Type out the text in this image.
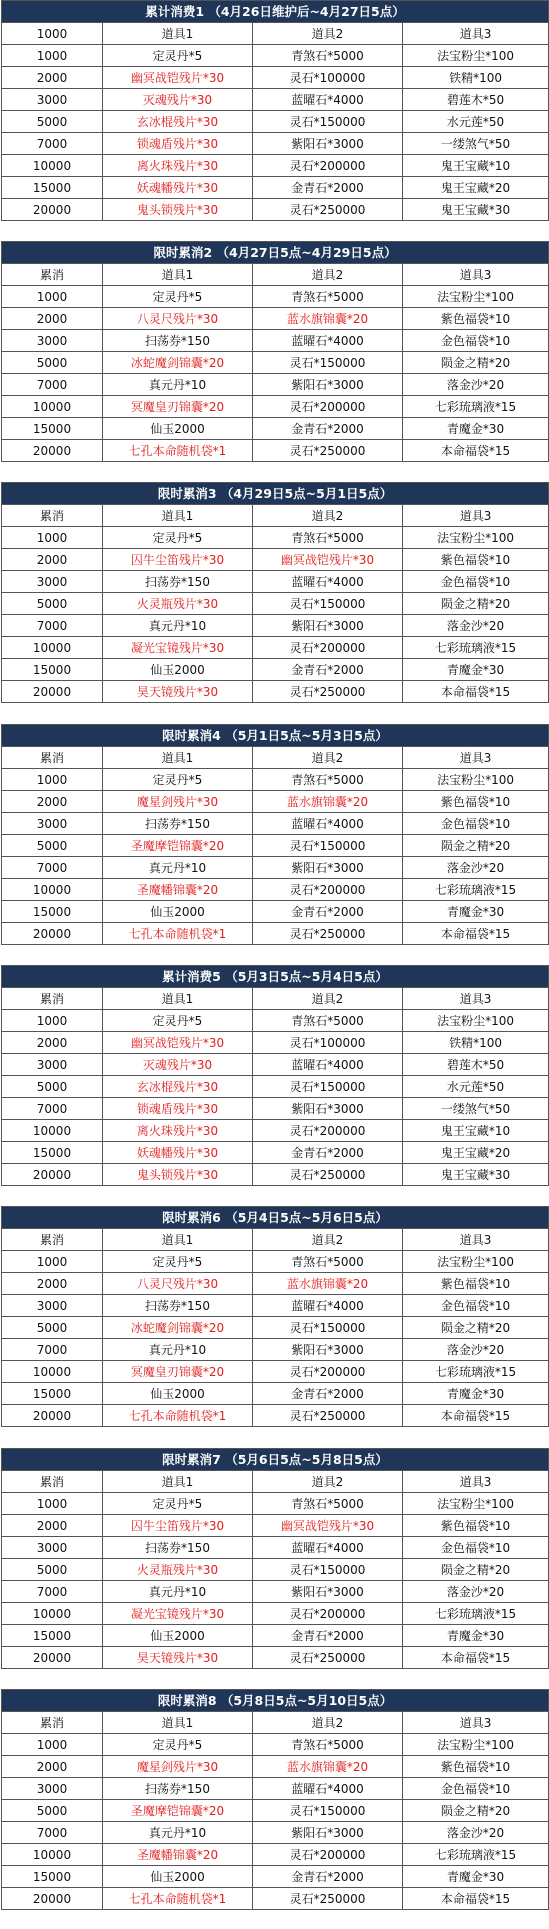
累计消费1 （4月26日维护后~4月27日5点）			
1000	道具1	道具2	道具3
1000	定灵丹*5	青煞石*5000	法宝粉尘*100
2000	幽冥战铠残片*30	灵石*100000	铁精*100
3000	灭魂残片*30	蓝曜石*4000	碧莲木*50
5000	玄冰棍残片*30	灵石*150000	水元莲*50
7000	锁魂盾残片*30	紫阳石*3000	一缕煞气*50
10000	离火珠残片*30	灵石*200000	鬼王宝藏*10
15000	妖魂幡残片*30	金青石*2000	鬼王宝藏*20
20000	鬼头锁残片*30	灵石*250000	鬼王宝藏*30
限时累消2 （4月27日5点~4月29日5点）			
累消	道具1	道具2	道具3
1000	定灵丹*5	青煞石*5000	法宝粉尘*100
2000	八灵尺残片*30	蓝水旗锦囊*20	紫色福袋*10
3000	扫荡券*150	蓝曜石*4000	金色福袋*10
5000	冰蛇魔剑锦囊*20	灵石*150000	陨金之精*20
7000	真元丹*10	紫阳石*3000	落金沙*20
10000	冥魔皇刃锦囊*20	灵石*200000	七彩琉璃液*15
15000	仙玉2000	金青石*2000	青魔金*30
20000	七孔本命随机袋*1	灵石*250000	本命福袋*15
限时累消3 （4月29日5点~5月1日5点）			
累消	道具1	道具2	道具3
1000	定灵丹*5	青煞石*5000	法宝粉尘*100
2000	囚牛尘笛残片*30	幽冥战铠残片*30	紫色福袋*10
3000	扫荡券*150	蓝曜石*4000	金色福袋*10
5000	火灵瓶残片*30	灵石*150000	陨金之精*20
7000	真元丹*10	紫阳石*3000	落金沙*20
10000	凝光宝镜残片*30	灵石*200000	七彩琉璃液*15
15000	仙玉2000	金青石*2000	青魔金*30
20000	昊天镜残片*30	灵石*250000	本命福袋*15
限时累消4 （5月1日5点~5月3日5点）			
累消	道具1	道具2	道具3
1000	定灵丹*5	青煞石*5000	法宝粉尘*100
2000	魔星剑残片*30	蓝水旗锦囊*20	紫色福袋*10
3000	扫荡券*150	蓝曜石*4000	金色福袋*10
5000	圣魔摩铠锦囊*20	灵石*150000	陨金之精*20
7000	真元丹*10	紫阳石*3000	落金沙*20
10000	圣魔幡锦囊*20	灵石*200000	七彩琉璃液*15
15000	仙玉2000	金青石*2000	青魔金*30
20000	七孔本命随机袋*1	灵石*250000	本命福袋*15
累计消费5 （5月3日5点~5月4日5点）			
累消	道具1	道具2	道具3
1000	定灵丹*5	青煞石*5000	法宝粉尘*100
2000	幽冥战铠残片*30	灵石*100000	铁精*100
3000	灭魂残片*30	蓝曜石*4000	碧莲木*50
5000	玄冰棍残片*30	灵石*150000	水元莲*50
7000	锁魂盾残片*30	紫阳石*3000	一缕煞气*50
10000	离火珠残片*30	灵石*200000	鬼王宝藏*10
15000	妖魂幡残片*30	金青石*2000	鬼王宝藏*20
20000	鬼头锁残片*30	灵石*250000	鬼王宝藏*30
限时累消6 （5月4日5点~5月6日5点）			
累消	道具1	道具2	道具3
1000	定灵丹*5	青煞石*5000	法宝粉尘*100
2000	八灵尺残片*30	蓝水旗锦囊*20	紫色福袋*10
3000	扫荡券*150	蓝曜石*4000	金色福袋*10
5000	冰蛇魔剑锦囊*20	灵石*150000	陨金之精*20
7000	真元丹*10	紫阳石*3000	落金沙*20
10000	冥魔皇刃锦囊*20	灵石*200000	七彩琉璃液*15
15000	仙玉2000	金青石*2000	青魔金*30
20000	七孔本命随机袋*1	灵石*250000	本命福袋*15
限时累消7 （5月6日5点~5月8日5点）			
累消	道具1	道具2	道具3
1000	定灵丹*5	青煞石*5000	法宝粉尘*100
2000	囚牛尘笛残片*30	幽冥战铠残片*30	紫色福袋*10
3000	扫荡券*150	蓝曜石*4000	金色福袋*10
5000	火灵瓶残片*30	灵石*150000	陨金之精*20
7000	真元丹*10	紫阳石*3000	落金沙*20
10000	凝光宝镜残片*30	灵石*200000	七彩琉璃液*15
15000	仙玉2000	金青石*2000	青魔金*30
20000	昊天镜残片*30	灵石*250000	本命福袋*15
限时累消8 （5月8日5点~5月10日5点）			
累消	道具1	道具2	道具3
1000	定灵丹*5	青煞石*5000	法宝粉尘*100
2000	魔星剑残片*30	蓝水旗锦囊*20	紫色福袋*10
3000	扫荡券*150	蓝曜石*4000	金色福袋*10
5000	圣魔摩铠锦囊*20	灵石*150000	陨金之精*20
7000	真元丹*10	紫阳石*3000	落金沙*20
10000	圣魔幡锦囊*20	灵石*200000	七彩琉璃液*15
15000	仙玉2000	金青石*2000	青魔金*30
20000	七孔本命随机袋*1	灵石*250000	本命福袋*15
